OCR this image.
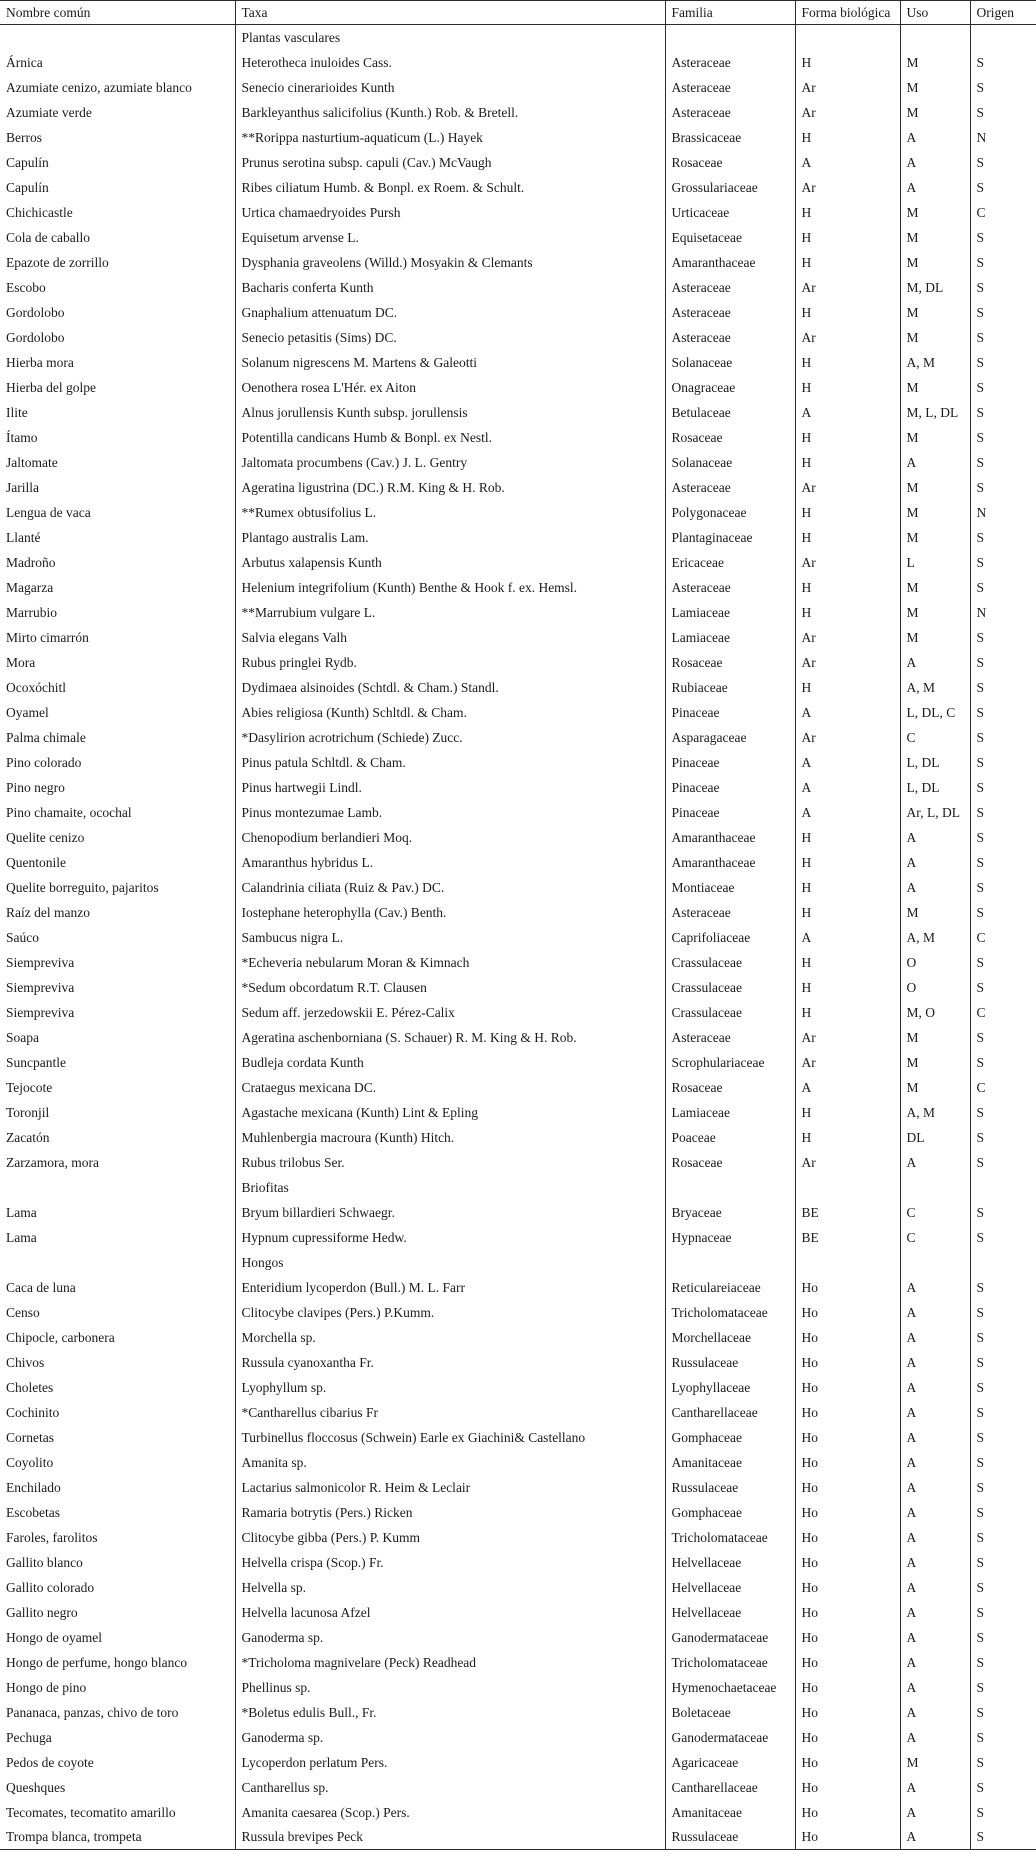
Nombre común	Taxa	Familia	Forma biológica	Uso	Origen
	Plantas vasculares				
Árnica	Heterotheca inuloides Cass.	Asteraceae	H	M	S
Azumiate cenizo, azumiate blanco	Senecio cinerarioides Kunth	Asteraceae	Ar	M	S
Azumiate verde	Barkleyanthus salicifolius (Kunth.) Rob. & Bretell.	Asteraceae	Ar	M	S
Berros	**Rorippa nasturtium-aquaticum (L.) Hayek	Brassicaceae	H	A	N
Capulín	Prunus serotina subsp. capuli (Cav.) McVaugh	Rosaceae	A	A	S
Capulín	Ribes ciliatum Humb. & Bonpl. ex Roem. & Schult.	Grossulariaceae	Ar	A	S
Chichicastle	Urtica chamaedryoides Pursh	Urticaceae	H	M	C
Cola de caballo	Equisetum arvense L.	Equisetaceae	H	M	S
Epazote de zorrillo	Dysphania graveolens (Willd.) Mosyakin & Clemants	Amaranthaceae	H	M	S
Escobo	Bacharis conferta Kunth	Asteraceae	Ar	M, DL	S
Gordolobo	Gnaphalium attenuatum DC.	Asteraceae	H	M	S
Gordolobo	Senecio petasitis (Sims) DC.	Asteraceae	Ar	M	S
Hierba mora	Solanum nigrescens M. Martens & Galeotti	Solanaceae	H	A, M	S
Hierba del golpe	Oenothera rosea L'Hér. ex Aiton	Onagraceae	H	M	S
Ilite	Alnus jorullensis Kunth subsp. jorullensis	Betulaceae	A	M, L, DL	S
Ítamo	Potentilla candicans Humb & Bonpl. ex Nestl.	Rosaceae	H	M	S
Jaltomate	Jaltomata procumbens (Cav.) J. L. Gentry	Solanaceae	H	A	S
Jarilla	Ageratina ligustrina (DC.) R.M. King & H. Rob.	Asteraceae	Ar	M	S
Lengua de vaca	**Rumex obtusifolius L.	Polygonaceae	H	M	N
Llanté	Plantago australis Lam.	Plantaginaceae	H	M	S
Madroño	Arbutus xalapensis Kunth	Ericaceae	Ar	L	S
Magarza	Helenium integrifolium (Kunth) Benthe & Hook f. ex. Hemsl.	Asteraceae	H	M	S
Marrubio	**Marrubium vulgare L.	Lamiaceae	H	M	N
Mirto cimarrón	Salvia elegans Valh	Lamiaceae	Ar	M	S
Mora	Rubus pringlei Rydb.	Rosaceae	Ar	A	S
Ocoxóchitl	Dydimaea alsinoides (Schtdl. & Cham.) Standl.	Rubiaceae	H	A, M	S
Oyamel	Abies religiosa (Kunth) Schltdl. & Cham.	Pinaceae	A	L, DL, C	S
Palma chimale	*Dasylirion acrotrichum (Schiede) Zucc.	Asparagaceae	Ar	C	S
Pino colorado	Pinus patula Schltdl. & Cham.	Pinaceae	A	L, DL	S
Pino negro	Pinus hartwegii Lindl.	Pinaceae	A	L, DL	S
Pino chamaite, ocochal	Pinus montezumae Lamb.	Pinaceae	A	Ar, L, DL	S
Quelite cenizo	Chenopodium berlandieri Moq.	Amaranthaceae	H	A	S
Quentonile	Amaranthus hybridus L.	Amaranthaceae	H	A	S
Quelite borreguito, pajaritos	Calandrinia ciliata (Ruiz & Pav.) DC.	Montiaceae	H	A	S
Raíz del manzo	Iostephane heterophylla (Cav.) Benth.	Asteraceae	H	M	S
Saúco	Sambucus nigra L.	Caprifoliaceae	A	A, M	C
Siempreviva	*Echeveria nebularum Moran & Kimnach	Crassulaceae	H	O	S
Siempreviva	*Sedum obcordatum R.T. Clausen	Crassulaceae	H	O	S
Siempreviva	Sedum aff. jerzedowskii E. Pérez-Calix	Crassulaceae	H	M, O	C
Soapa	Ageratina aschenborniana (S. Schauer) R. M. King & H. Rob.	Asteraceae	Ar	M	S
Suncpantle	Budleja cordata Kunth	Scrophulariaceae	Ar	M	S
Tejocote	Crataegus mexicana DC.	Rosaceae	A	M	C
Toronjil	Agastache mexicana (Kunth) Lint & Epling	Lamiaceae	H	A, M	S
Zacatón	Muhlenbergia macroura (Kunth) Hitch.	Poaceae	H	DL	S
Zarzamora, mora	Rubus trilobus Ser.	Rosaceae	Ar	A	S
	Briofitas				
Lama	Bryum billardieri Schwaegr.	Bryaceae	BE	C	S
Lama	Hypnum cupressiforme Hedw.	Hypnaceae	BE	C	S
	Hongos				
Caca de luna	Enteridium lycoperdon (Bull.) M. L. Farr	Reticulareiaceae	Ho	A	S
Censo	Clitocybe clavipes (Pers.) P.Kumm.	Tricholomataceae	Ho	A	S
Chipocle, carbonera	Morchella sp.	Morchellaceae	Ho	A	S
Chivos	Russula cyanoxantha Fr.	Russulaceae	Ho	A	S
Choletes	Lyophyllum sp.	Lyophyllaceae	Ho	A	S
Cochinito	*Cantharellus cibarius Fr	Cantharellaceae	Ho	A	S
Cornetas	Turbinellus floccosus (Schwein) Earle ex Giachini& Castellano	Gomphaceae	Ho	A	S
Coyolito	Amanita sp.	Amanitaceae	Ho	A	S
Enchilado	Lactarius salmonicolor R. Heim & Leclair	Russulaceae	Ho	A	S
Escobetas	Ramaria botrytis (Pers.) Ricken	Gomphaceae	Ho	A	S
Faroles, farolitos	Clitocybe gibba (Pers.) P. Kumm	Tricholomataceae	Ho	A	S
Gallito blanco	Helvella crispa (Scop.) Fr.	Helvellaceae	Ho	A	S
Gallito colorado	Helvella sp.	Helvellaceae	Ho	A	S
Gallito negro	Helvella lacunosa Afzel	Helvellaceae	Ho	A	S
Hongo de oyamel	Ganoderma sp.	Ganodermataceae	Ho	A	S
Hongo de perfume, hongo blanco	*Tricholoma magnivelare (Peck) Readhead	Tricholomataceae	Ho	A	S
Hongo de pino	Phellinus sp.	Hymenochaetaceae	Ho	A	S
Pananaca, panzas, chivo de toro	*Boletus edulis Bull., Fr.	Boletaceae	Ho	A	S
Pechuga	Ganoderma sp.	Ganodermataceae	Ho	A	S
Pedos de coyote	Lycoperdon perlatum Pers.	Agaricaceae	Ho	M	S
Queshques	Cantharellus sp.	Cantharellaceae	Ho	A	S
Tecomates, tecomatito amarillo	Amanita caesarea (Scop.) Pers.	Amanitaceae	Ho	A	S
Trompa blanca, trompeta	Russula brevipes Peck	Russulaceae	Ho	A	S
